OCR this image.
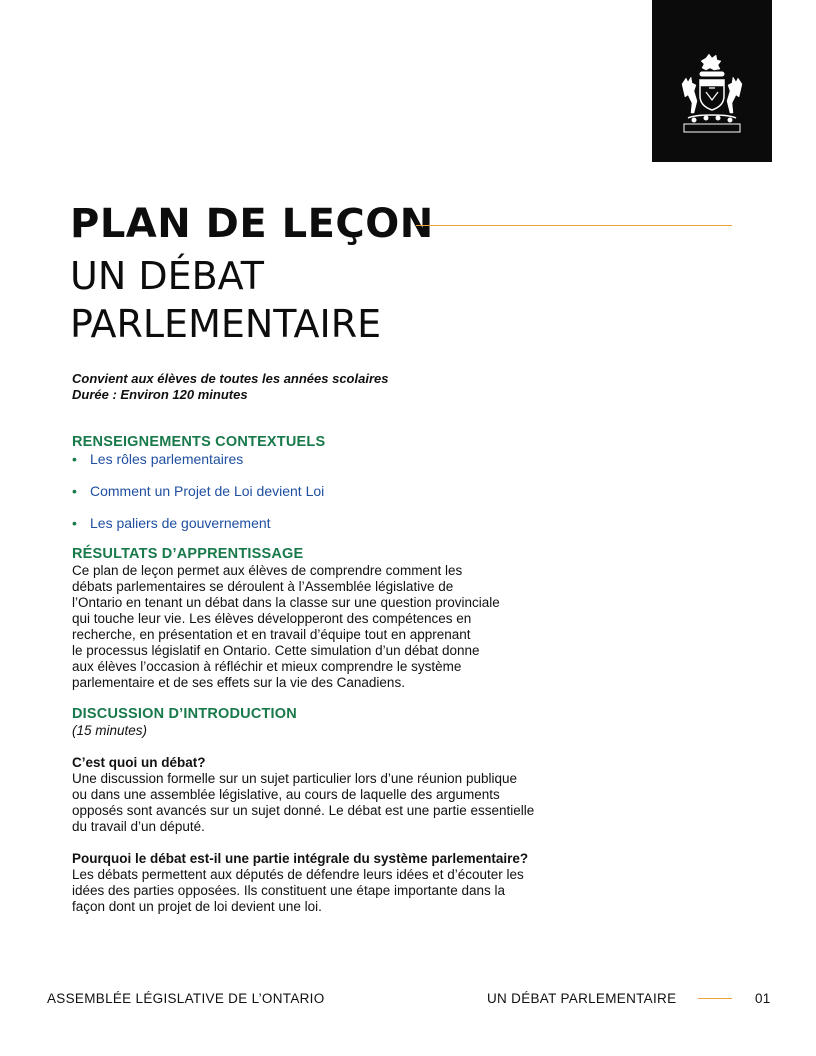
PLAN DE LEÇON
UN DÉBAT
PARLEMENTAIRE
Convient aux élèves de toutes les années scolaires
Durée : Environ 120 minutes
RENSEIGNEMENTS CONTEXTUELS
• Les rôles parlementaires
• Comment un Projet de Loi devient Loi
• Les paliers de gouvernement
RÉSULTATS D’APPRENTISSAGE
Ce plan de leçon permet aux élèves de comprendre comment les
débats parlementaires se déroulent à l’Assemblée législative de
l’Ontario en tenant un débat dans la classe sur une question provinciale
qui touche leur vie. Les élèves développeront des compétences en
recherche, en présentation et en travail d’équipe tout en apprenant
le processus législatif en Ontario. Cette simulation d’un débat donne
aux élèves l’occasion à réfléchir et mieux comprendre le système
parlementaire et de ses effets sur la vie des Canadiens.
DISCUSSION D’INTRODUCTION
(15 minutes)
C’est quoi un débat?
Une discussion formelle sur un sujet particulier lors d’une réunion publique
ou dans une assemblée législative, au cours de laquelle des arguments
opposés sont avancés sur un sujet donné. Le débat est une partie essentielle
du travail d’un député.
Pourquoi le débat est-il une partie intégrale du système parlementaire?
Les débats permettent aux députés de défendre leurs idées et d’écouter les
idées des parties opposées. Ils constituent une étape importante dans la
façon dont un projet de loi devient une loi.
ASSEMBLÉE LÉGISLATIVE DE L’ONTARIO	UN DÉBAT PARLEMENTAIRE	01
